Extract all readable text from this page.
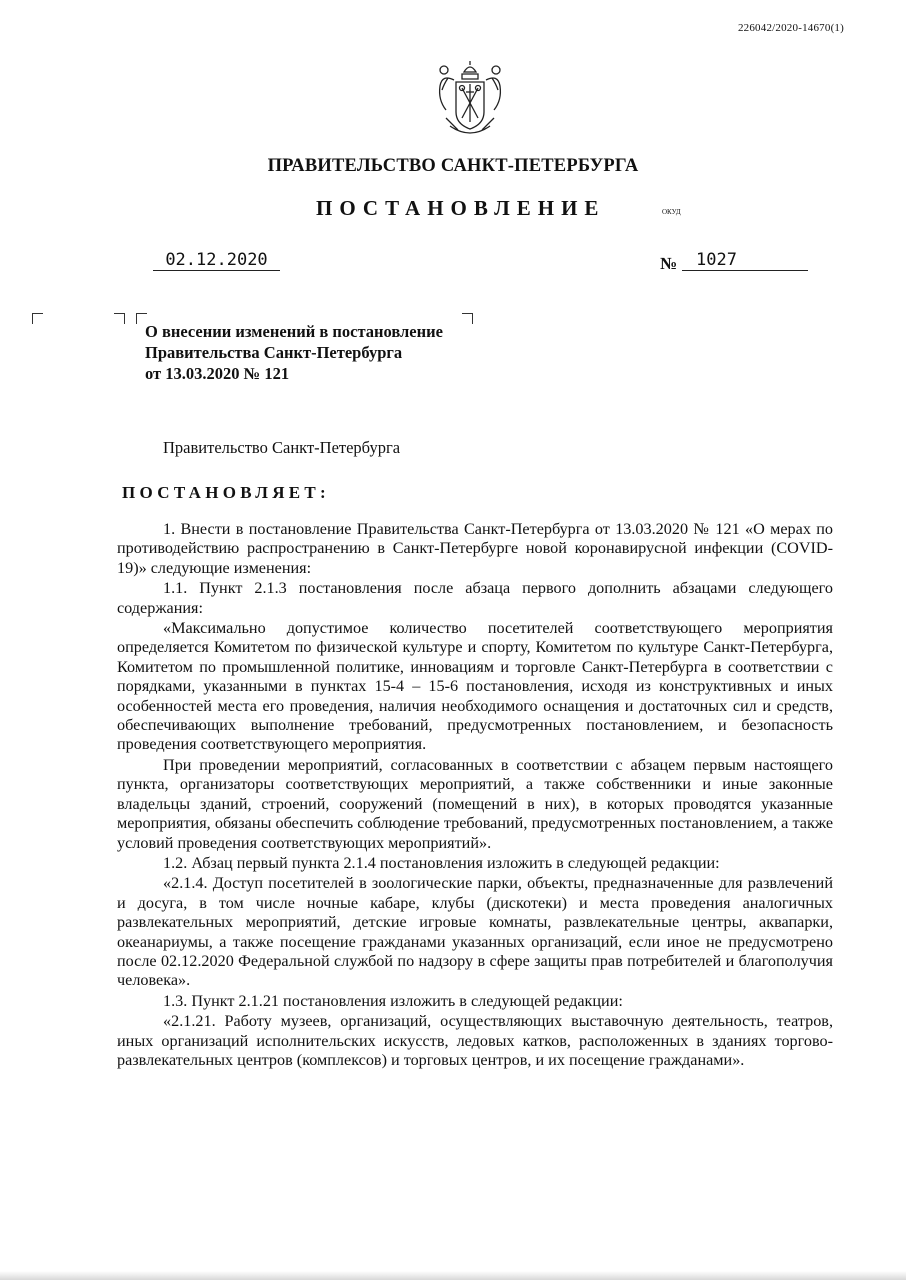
226042/2020-14670(1)
ПРАВИТЕЛЬСТВО САНКТ-ПЕТЕРБУРГА
ПОСТАНОВЛЕНИЕ	ОКУД
02.12.2020	№	1027
О внесении изменений в постановление
Правительства Санкт-Петербурга
от 13.03.2020 № 121
Правительство Санкт-Петербурга
ПОСТАНОВЛЯЕТ:

1. Внести в постановление Правительства Санкт-Петербурга от 13.03.2020 № 121 «О мерах по противодействию распространению в Санкт-Петербурге новой коронавирусной инфекции (COVID-19)» следующие изменения:

1.1. Пункт 2.1.3 постановления после абзаца первого дополнить абзацами следующего содержания:

«Максимально допустимое количество посетителей соответствующего мероприятия определяется Комитетом по физической культуре и спорту, Комитетом по культуре Санкт-Петербурга, Комитетом по промышленной политике, инновациям и торговле Санкт-Петербурга в соответствии с порядками, указанными в пунктах 15-4 – 15-6 постановления, исходя из конструктивных и иных особенностей места его проведения, наличия необходимого оснащения и достаточных сил и средств, обеспечивающих выполнение требований, предусмотренных постановлением, и безопасность проведения соответствующего мероприятия.

При проведении мероприятий, согласованных в соответствии с абзацем первым настоящего пункта, организаторы соответствующих мероприятий, а также собственники и иные законные владельцы зданий, строений, сооружений (помещений в них), в которых проводятся указанные мероприятия, обязаны обеспечить соблюдение требований, предусмотренных постановлением, а также условий проведения соответствующих мероприятий».

1.2. Абзац первый пункта 2.1.4 постановления изложить в следующей редакции:

«2.1.4. Доступ посетителей в зоологические парки, объекты, предназначенные для развлечений и досуга, в том числе ночные кабаре, клубы (дискотеки) и места проведения аналогичных развлекательных мероприятий, детские игровые комнаты, развлекательные центры, аквапарки, океанариумы, а также посещение гражданами указанных организаций, если иное не предусмотрено после 02.12.2020 Федеральной службой по надзору в сфере защиты прав потребителей и благополучия человека».

1.3. Пункт 2.1.21 постановления изложить в следующей редакции:

«2.1.21. Работу музеев, организаций, осуществляющих выставочную деятельность, театров, иных организаций исполнительских искусств, ледовых катков, расположенных в зданиях торгово-развлекательных центров (комплексов) и торговых центров, и их посещение гражданами».
